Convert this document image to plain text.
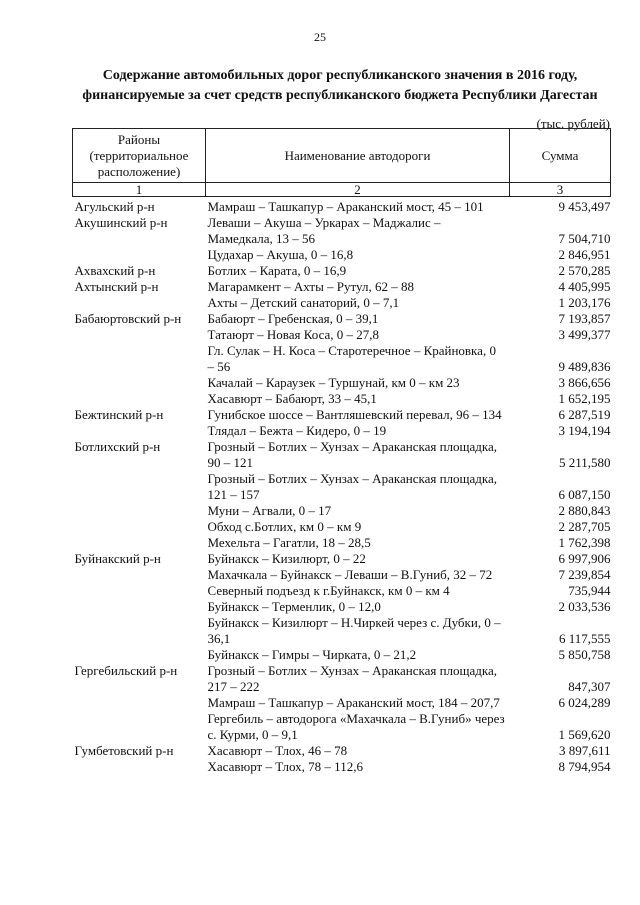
25
Содержание автомобильных дорог республиканского значения в 2016 году,
финансируемые за счет средств республиканского бюджета Республики Дагестан
(тыс. рублей)
Районы (территориальное расположение)	Наименование автодороги	Сумма
1	2	3
Агульский р-н	Мамраш – Ташкапур – Араканский мост, 45 – 101	9 453,497
Акушинский р-н	Леваши – Акуша – Уркарах – Маджалис – Мамедкала, 13 – 56	7 504,710
	Цудахар – Акуша, 0 – 16,8	2 846,951
Ахвахский р-н	Ботлих – Карата, 0 – 16,9	2 570,285
Ахтынский р-н	Магарамкент – Ахты – Рутул, 62 – 88	4 405,995
	Ахты – Детский санаторий, 0 – 7,1	1 203,176
Бабаюртовский р-н	Бабаюрт – Гребенская, 0 – 39,1	7 193,857
	Татаюрт – Новая Коса, 0 – 27,8	3 499,377
	Гл. Сулак – Н. Коса – Старотеречное – Крайновка, 0 – 56	9 489,836
	Качалай – Караузек – Туршунай, км 0 – км 23	3 866,656
	Хасавюрт – Бабаюрт, 33 – 45,1	1 652,195
Бежтинский р-н	Гунибское шоссе – Вантляшевский перевал, 96 – 134	6 287,519
	Тлядал – Бежта – Кидеро, 0 – 19	3 194,194
Ботлихский р-н	Грозный – Ботлих – Хунзах – Араканская площадка, 90 – 121	5 211,580
	Грозный – Ботлих – Хунзах – Араканская площадка, 121 – 157	6 087,150
	Муни – Агвали, 0 – 17	2 880,843
	Обход с.Ботлих, км 0 – км 9	2 287,705
	Мехельта – Гагатли, 18 – 28,5	1 762,398
Буйнакский р-н	Буйнакск – Кизилюрт, 0 – 22	6 997,906
	Махачкала – Буйнакск – Леваши – В.Гуниб, 32 – 72	7 239,854
	Северный подъезд к г.Буйнакск, км 0 – км 4	735,944
	Буйнакск – Терменлик, 0 – 12,0	2 033,536
	Буйнакск – Кизилюрт – Н.Чиркей через с. Дубки, 0 – 36,1	6 117,555
	Буйнакск – Гимры – Чирката, 0 – 21,2	5 850,758
Гергебильский р-н	Грозный – Ботлих – Хунзах – Араканская площадка, 217 – 222	847,307
	Мамраш – Ташкапур – Араканский мост, 184 – 207,7	6 024,289
	Гергебиль – автодорога «Махачкала – В.Гуниб» через с. Курми, 0 – 9,1	1 569,620
Гумбетовский р-н	Хасавюрт – Тлох, 46 – 78	3 897,611
	Хасавюрт – Тлох, 78 – 112,6	8 794,954
